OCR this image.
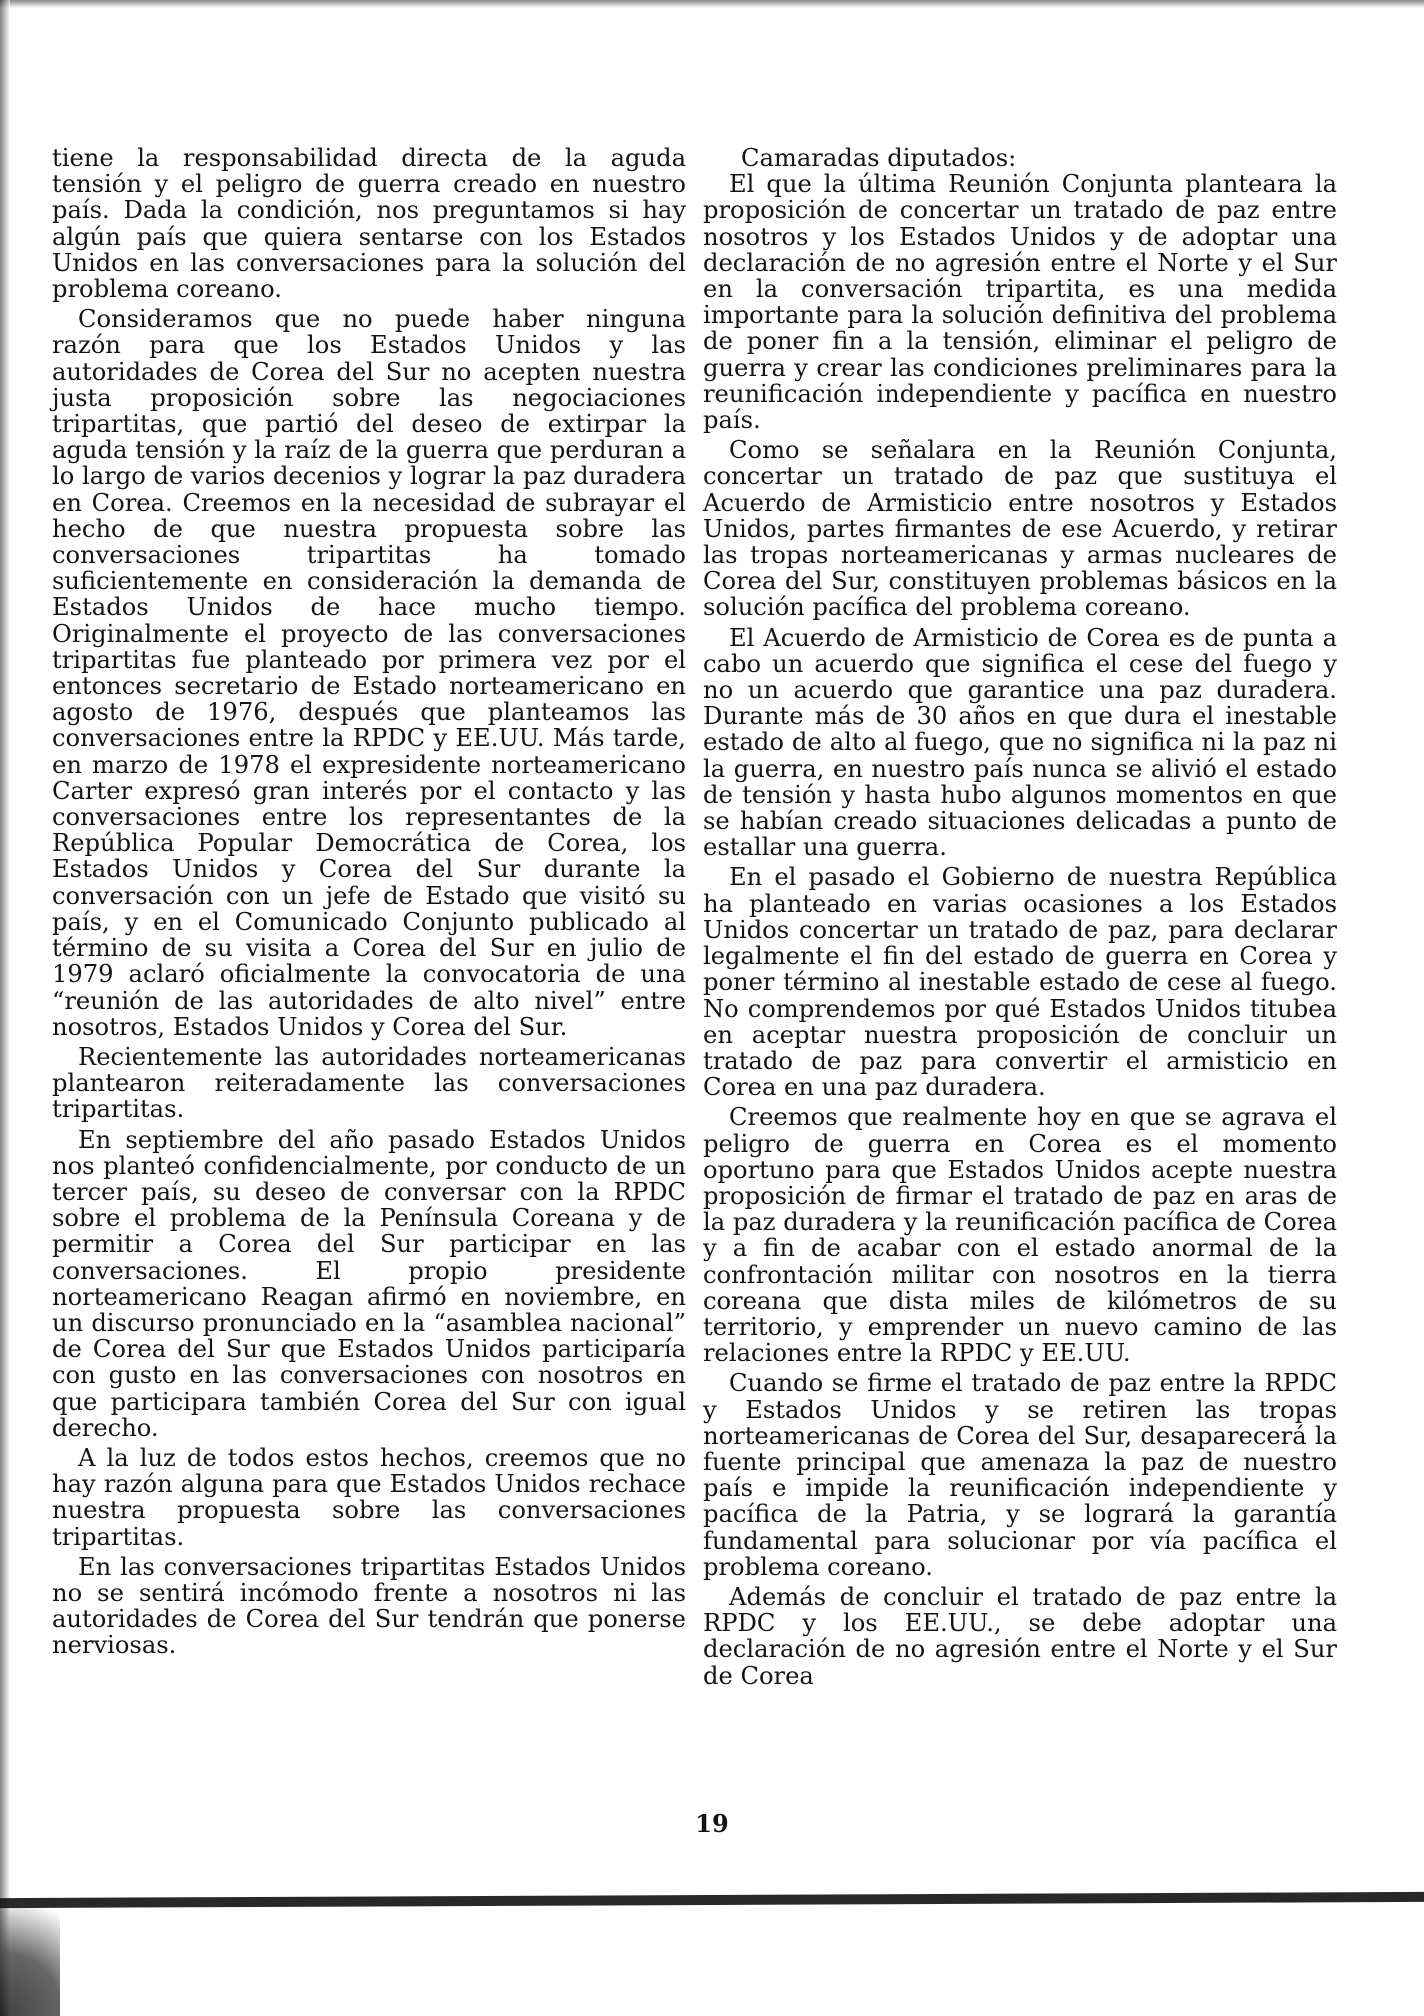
tiene la responsabilidad directa de la aguda tensión y el peligro de guerra creado en nuestro país. Dada la condición, nos preguntamos si hay algún país que quiera sentarse con los Estados Unidos en las conversaciones para la solución del problema coreano.

Consideramos que no puede haber ninguna razón para que los Estados Unidos y las autoridades de Corea del Sur no acepten nuestra justa proposición sobre las negociaciones tripartitas, que partió del deseo de extirpar la aguda tensión y la raíz de la guerra que perduran a lo largo de varios decenios y lograr la paz duradera en Corea. Creemos en la necesidad de subrayar el hecho de que nuestra propuesta sobre las conversaciones tripartitas ha tomado suficientemente en consideración la demanda de Estados Unidos de hace mucho tiempo. Originalmente el proyecto de las conversaciones tripartitas fue planteado por primera vez por el entonces secretario de Estado norteamericano en agosto de 1976, después que planteamos las conversaciones entre la RPDC y EE.UU. Más tarde, en marzo de 1978 el expresidente norteamericano Carter expresó gran interés por el contacto y las conversaciones entre los representantes de la República Popular Democrática de Corea, los Estados Unidos y Corea del Sur durante la conversación con un jefe de Estado que visitó su país, y en el Comunicado Conjunto publicado al término de su visita a Corea del Sur en julio de 1979 aclaró oficialmente la convocatoria de una “reunión de las autoridades de alto nivel” entre nosotros, Estados Unidos y Corea del Sur.

Recientemente las autoridades norteamericanas plantearon reiteradamente las conversaciones tripartitas.

En septiembre del año pasado Estados Unidos nos planteó confidencialmente, por conducto de un tercer país, su deseo de conversar con la RPDC sobre el problema de la Península Coreana y de permitir a Corea del Sur participar en las conversaciones. El propio presidente norteamericano Reagan afirmó en noviembre, en un discurso pronunciado en la “asamblea nacional” de Corea del Sur que Estados Unidos participaría con gusto en las conversaciones con nosotros en que participara también Corea del Sur con igual derecho.

A la luz de todos estos hechos, creemos que no hay razón alguna para que Estados Unidos rechace nuestra propuesta sobre las conversaciones tripartitas.

En las conversaciones tripartitas Estados Unidos no se sentirá incómodo frente a nosotros ni las autoridades de Corea del Sur tendrán que ponerse nerviosas.

Camaradas diputados:

El que la última Reunión Conjunta planteara la proposición de concertar un tratado de paz entre nosotros y los Estados Unidos y de adoptar una declaración de no agresión entre el Norte y el Sur en la conversación tripartita, es una medida importante para la solución definitiva del problema de poner fin a la tensión, eliminar el peligro de guerra y crear las condiciones preliminares para la reunificación independiente y pacífica en nuestro país.

Como se señalara en la Reunión Conjunta, concertar un tratado de paz que sustituya el Acuerdo de Armisticio entre nosotros y Estados Unidos, partes firmantes de ese Acuerdo, y retirar las tropas norteamericanas y armas nucleares de Corea del Sur, constituyen problemas básicos en la solución pacífica del problema coreano.

El Acuerdo de Armisticio de Corea es de punta a cabo un acuerdo que significa el cese del fuego y no un acuerdo que garantice una paz duradera. Durante más de 30 años en que dura el inestable estado de alto al fuego, que no significa ni la paz ni la guerra, en nuestro país nunca se alivió el estado de tensión y hasta hubo algunos momentos en que se habían creado situaciones delicadas a punto de estallar una guerra.

En el pasado el Gobierno de nuestra República ha planteado en varias ocasiones a los Estados Unidos concertar un tratado de paz, para declarar legalmente el fin del estado de guerra en Corea y poner término al inestable estado de cese al fuego. No comprendemos por qué Estados Unidos titubea en aceptar nuestra proposición de concluir un tratado de paz para convertir el armisticio en Corea en una paz duradera.

Creemos que realmente hoy en que se agrava el peligro de guerra en Corea es el momento oportuno para que Estados Unidos acepte nuestra proposición de firmar el tratado de paz en aras de la paz duradera y la reunificación pacífica de Corea y a fin de acabar con el estado anormal de la confrontación militar con nosotros en la tierra coreana que dista miles de kilómetros de su territorio, y emprender un nuevo camino de las relaciones entre la RPDC y EE.UU.

Cuando se firme el tratado de paz entre la RPDC y Estados Unidos y se retiren las tropas norteamericanas de Corea del Sur, desaparecerá la fuente principal que amenaza la paz de nuestro país e impide la reunificación independiente y pacífica de la Patria, y se logrará la garantía fundamental para solucionar por vía pacífica el problema coreano.

Además de concluir el tratado de paz entre la RPDC y los EE.UU., se debe adoptar una declaración de no agresión entre el Norte y el Sur de Corea

19
